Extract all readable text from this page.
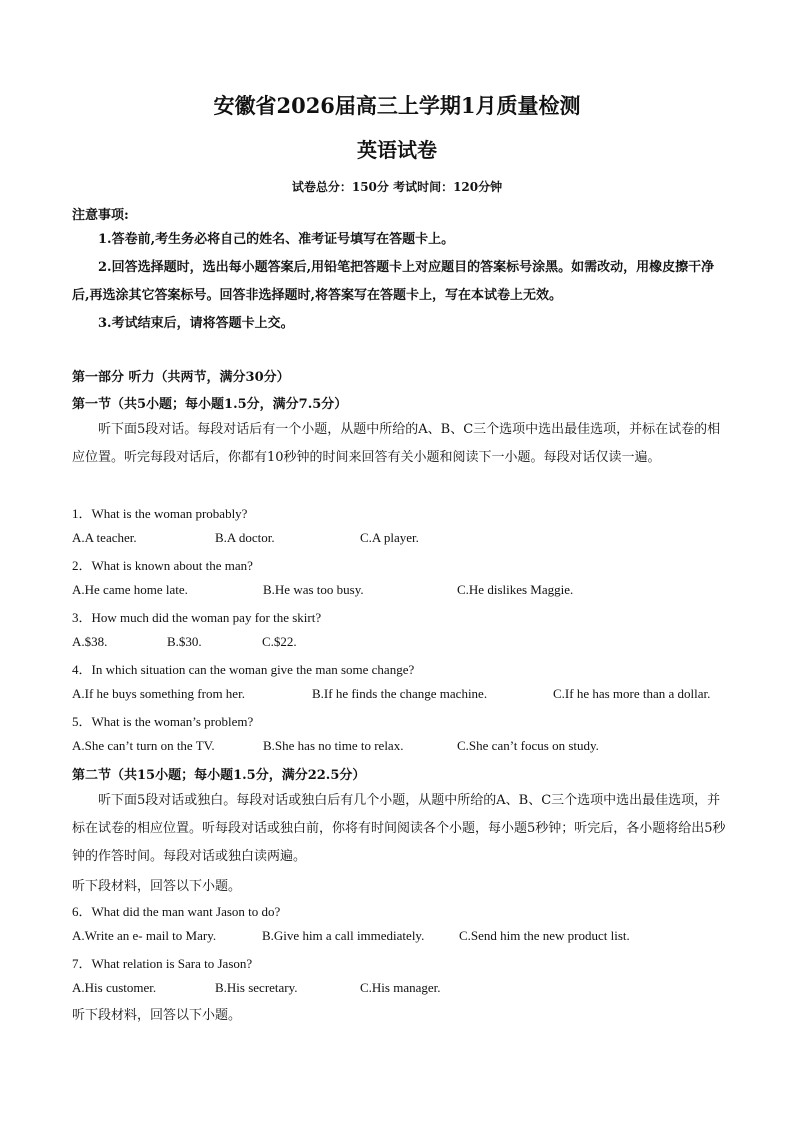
安徽省2026届高三上学期1月质量检测
英语试卷
试卷总分：150分 考试时间：120分钟
注意事项:
1.答卷前,考生务必将自己的姓名、准考证号填写在答题卡上。
2.回答选择题时，选出每小题答案后,用铅笔把答题卡上对应题目的答案标号涂黑。如需改动，用橡皮擦干净后,再选涂其它答案标号。回答非选择题时,将答案写在答题卡上，写在本试卷上无效。
3.考试结束后，请将答题卡上交。
第一部分 听力（共两节，满分30分）
第一节（共5小题；每小题1.5分，满分7.5分）
听下面5段对话。每段对话后有一个小题，从题中所给的A、B、C三个选项中选出最佳选项，并标在试卷的相应位置。听完每段对话后，你都有10秒钟的时间来回答有关小题和阅读下一小题。每段对话仅读一遍。
1．What is the woman probably?
A.A teacher.	B.A doctor.	C.A player.
2．What is known about the man?
A.He came home late.	B.He was too busy.	C.He dislikes Maggie.
3．How much did the woman pay for the skirt?
A.$38.	B.$30.	C.$22.
4．In which situation can the woman give the man some change?
A.If he buys something from her.	B.If he finds the change machine.	C.If he has more than a dollar.
5．What is the woman’s problem?
A.She can’t turn on the TV.	B.She has no time to relax.	C.She can’t focus on study.
第二节（共15小题；每小题1.5分，满分22.5分）
听下面5段对话或独白。每段对话或独白后有几个小题，从题中所给的A、B、C三个选项中选出最佳选项，并标在试卷的相应位置。听每段对话或独白前，你将有时间阅读各个小题，每小题5秒钟；听完后，各小题将给出5秒钟的作答时间。每段对话或独白读两遍。
听下段材料，回答以下小题。
6．What did the man want Jason to do?
A.Write an e- mail to Mary.	B.Give him a call immediately.	C.Send him the new product list.
7．What relation is Sara to Jason?
A.His customer.	B.His secretary.	C.His manager.
听下段材料，回答以下小题。
